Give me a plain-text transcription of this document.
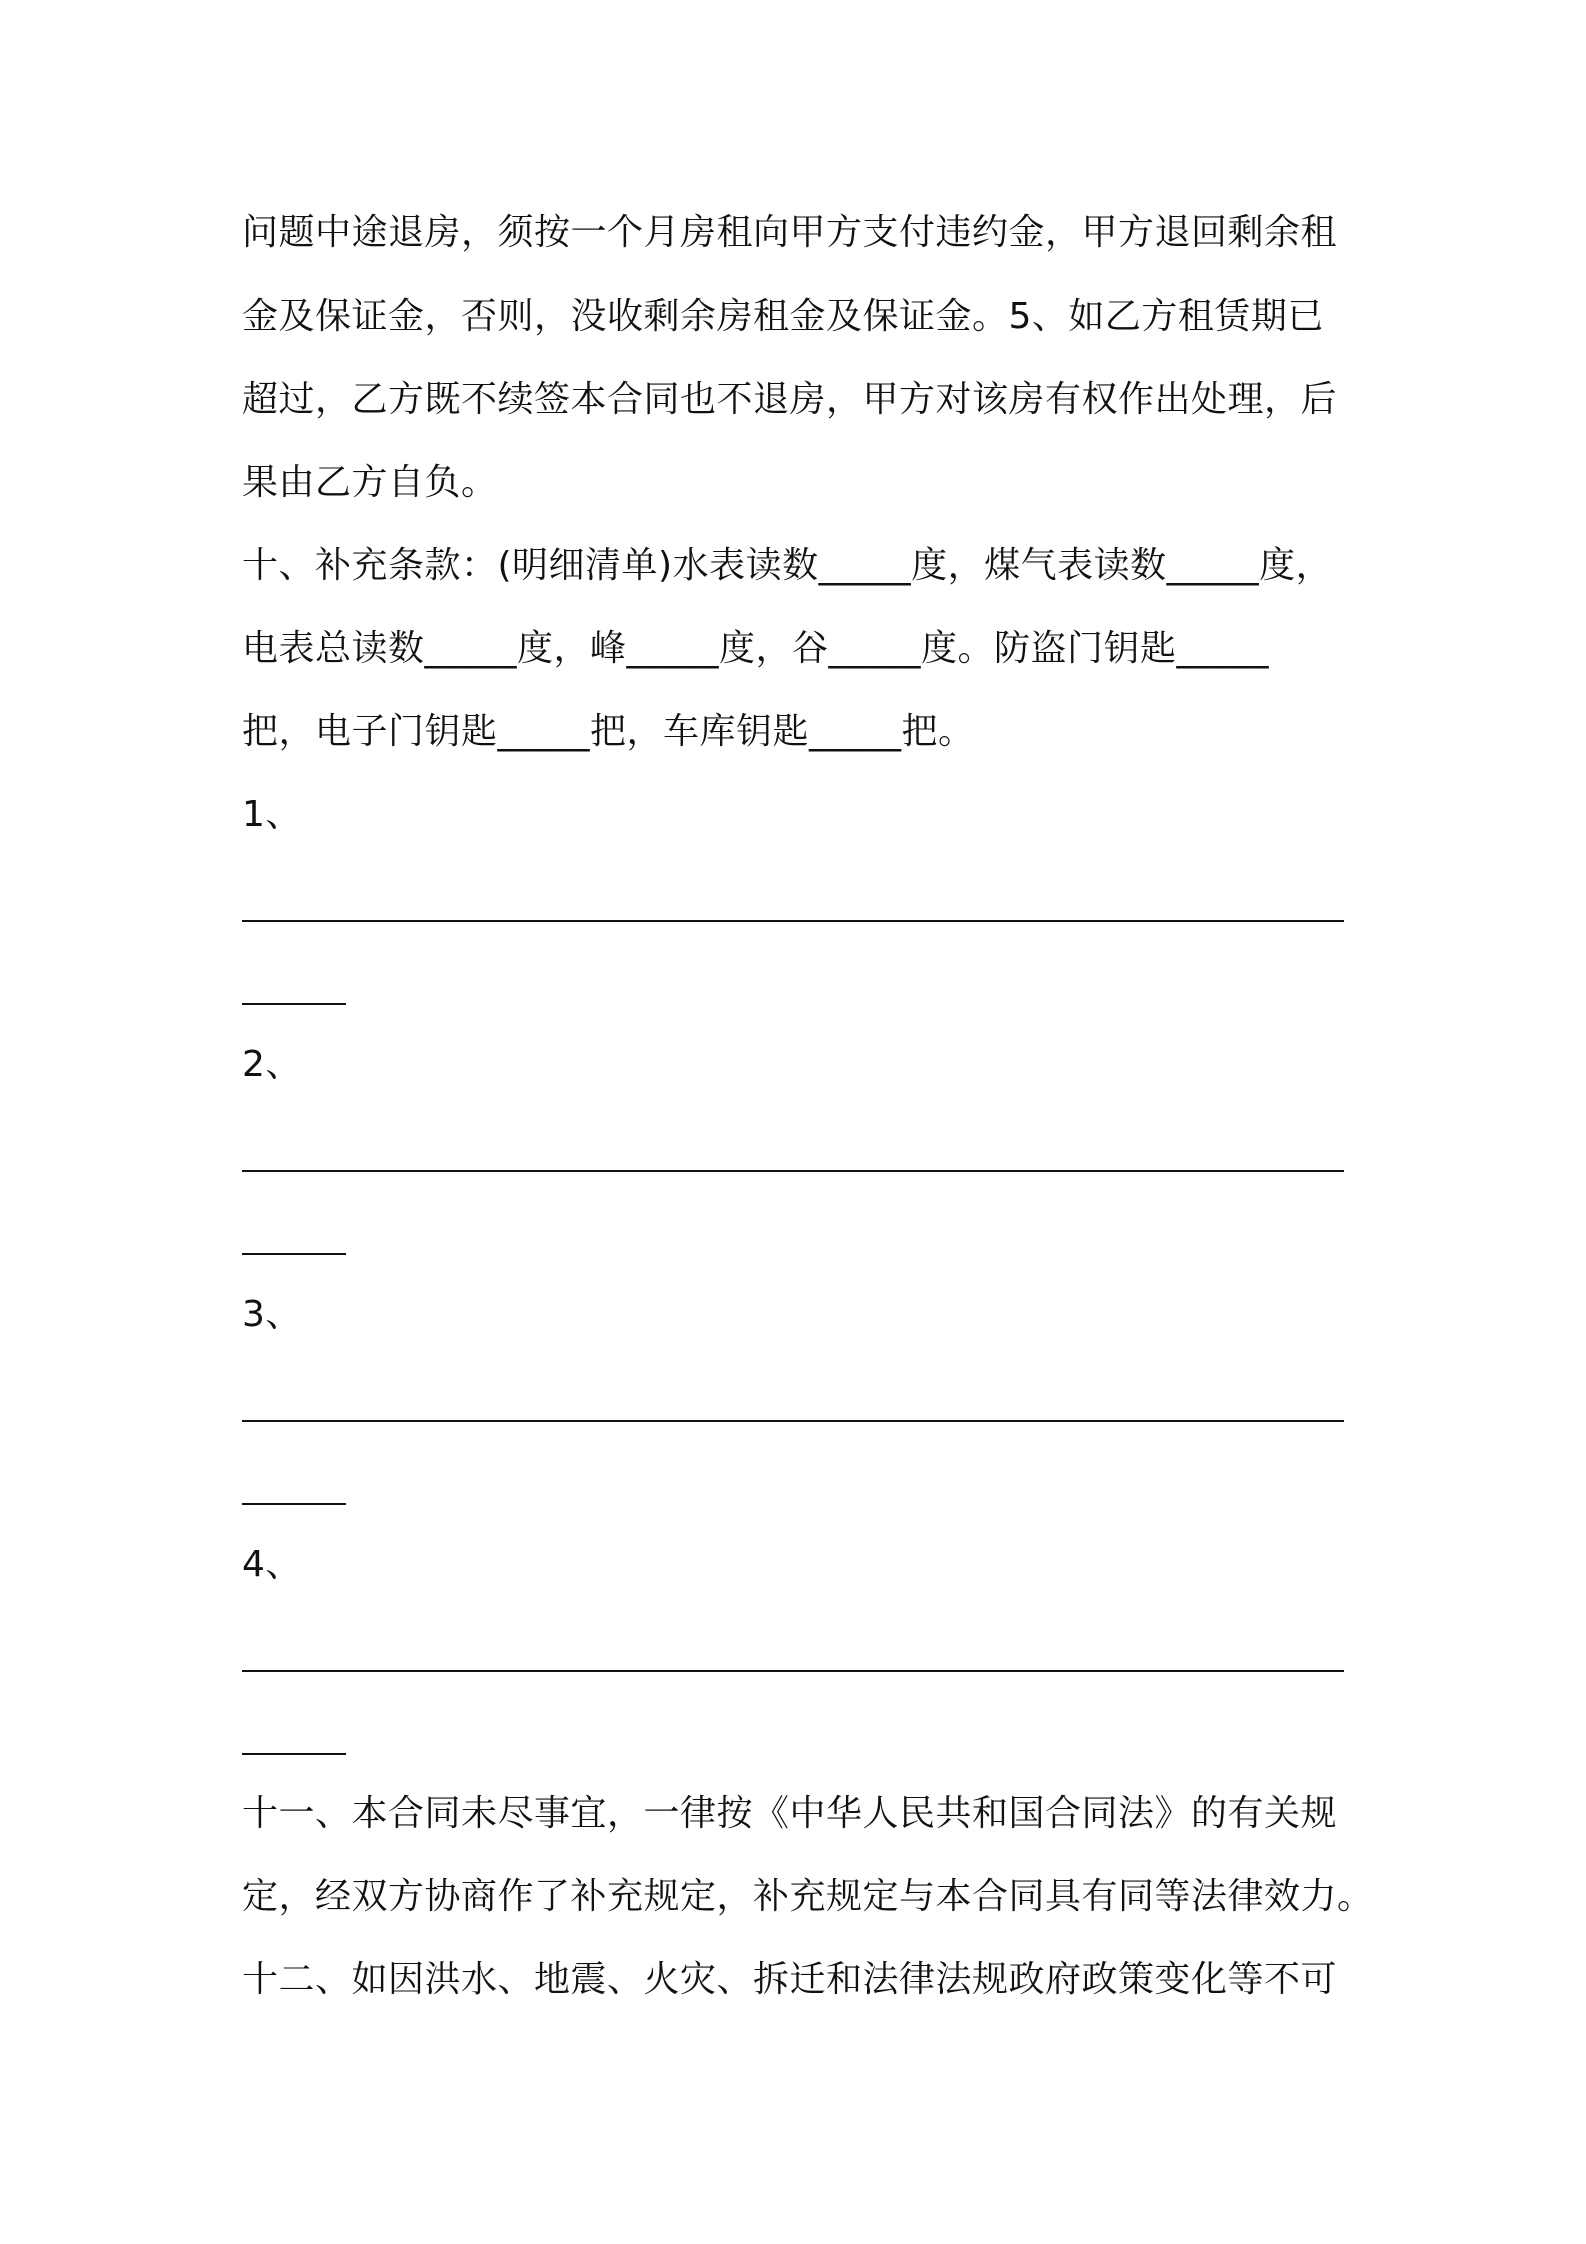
问题中途退房，须按一个月房租向甲方支付违约金，甲方退回剩余租
金及保证金，否则，没收剩余房租金及保证金。5、如乙方租赁期已
超过，乙方既不续签本合同也不退房，甲方对该房有权作出处理，后
果由乙方自负。
十、补充条款：(明细清单)水表读数_____度，煤气表读数_____度，
电表总读数_____度，峰_____度，谷_____度。防盗门钥匙_____
把，电子门钥匙_____把，车库钥匙_____把。
1、
2、
3、
4、
十一、本合同未尽事宜，一律按《中华人民共和国合同法》的有关规
定，经双方协商作了补充规定，补充规定与本合同具有同等法律效力。
十二、如因洪水、地震、火灾、拆迁和法律法规政府政策变化等不可
